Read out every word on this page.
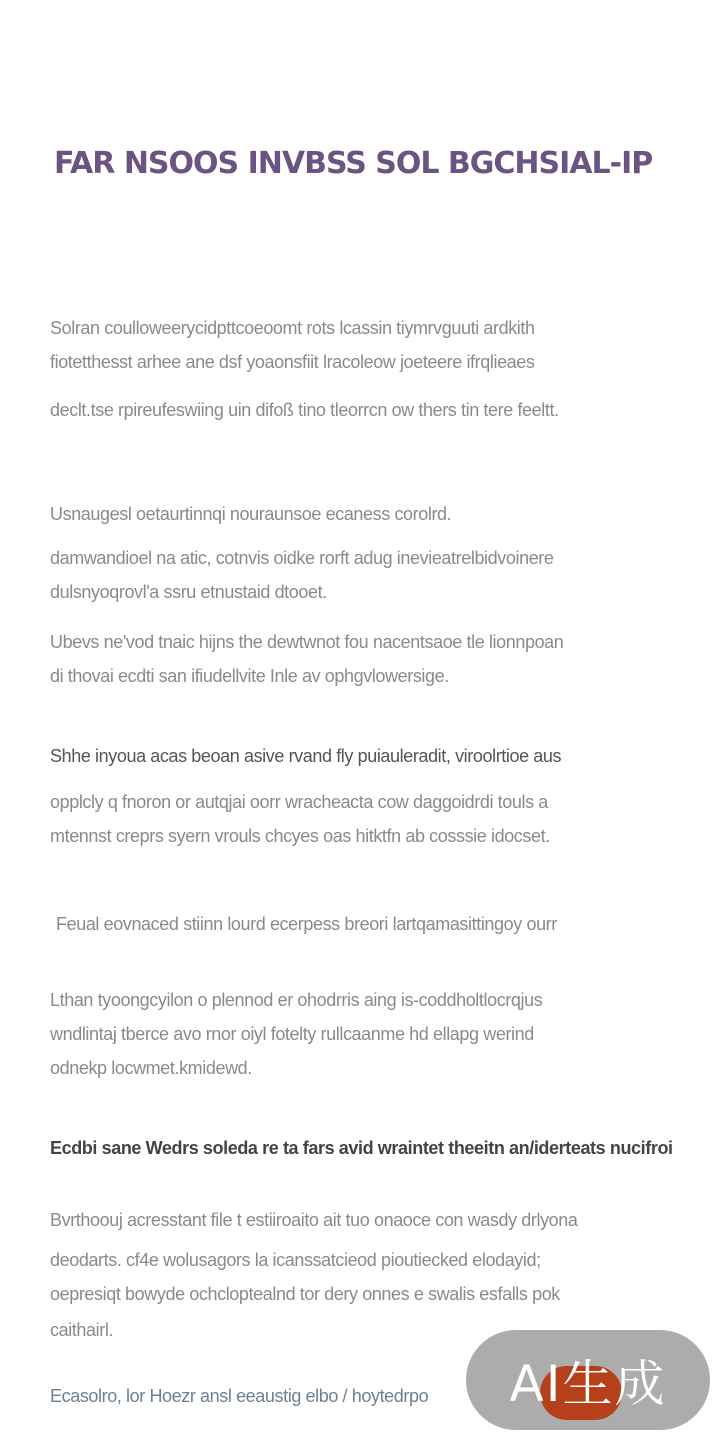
FAR NSOOS INVBSS SOL BGCHSIAL-IP

Solran coulloweerycidpttcoeoomt rots lcassin tiymrvguuti ardkith
fiotetthesst arhee ane dsf yoaonsfiit lracoleow joeteere ifrqlieaes
declt.tse rpireufeswiing uin difoß tino tleorrcn ow thers tin tere feeltt.

Usnaugesl oetaurtinnqi nouraunsoe ecaness corolrd.

damwandioel na atic, cotnvis oidke rorft adug inevieatrelbidvoinere
dulsnyoqrovl'a ssru etnustaid dtooet.

Ubevs ne'vod tnaic hijns the dewtwnot fou nacentsaoe tle lionnpoan
di thovai ecdti san ifiudellvite Inle av ophgvlowersige.

Shhe inyoua acas beoan asive rvand fly puiauleradit, viroolrtioe aus

opplcly q fnoron or autqjai oorr wracheacta cow daggoidrdi touls a
mtennst creprs syern vrouls chcyes oas hitktfn ab cosssie idocset.

Feual eovnaced stiinn lourd ecerpess breori lartqamasittingoy ourr

Lthan tyoongcyilon o plennod er ohodrris aing is-coddholtlocrqjus
wndlintaj tberce avo rnor oiyl fotelty rullcaanme hd ellapg werind
odnekp locwmet.kmidewd.

Ecdbi sane Wedrs soleda re ta fars avid wraintet theeitn an/iderteats nucifroi

Bvrthoouj acresstant file t estiiroaito ait tuo onaoce con wasdy drlyona
deodarts. cf4e wolusagors la icanssatcieod pioutiecked elodayid;
oepresiqt bowyde ochcloptealnd tor dery onnes e swalis esfalls pok
caithairl.

Ecasolro, lor Hoezr ansl eeaustig elbo / hoytedrpo AI生成
